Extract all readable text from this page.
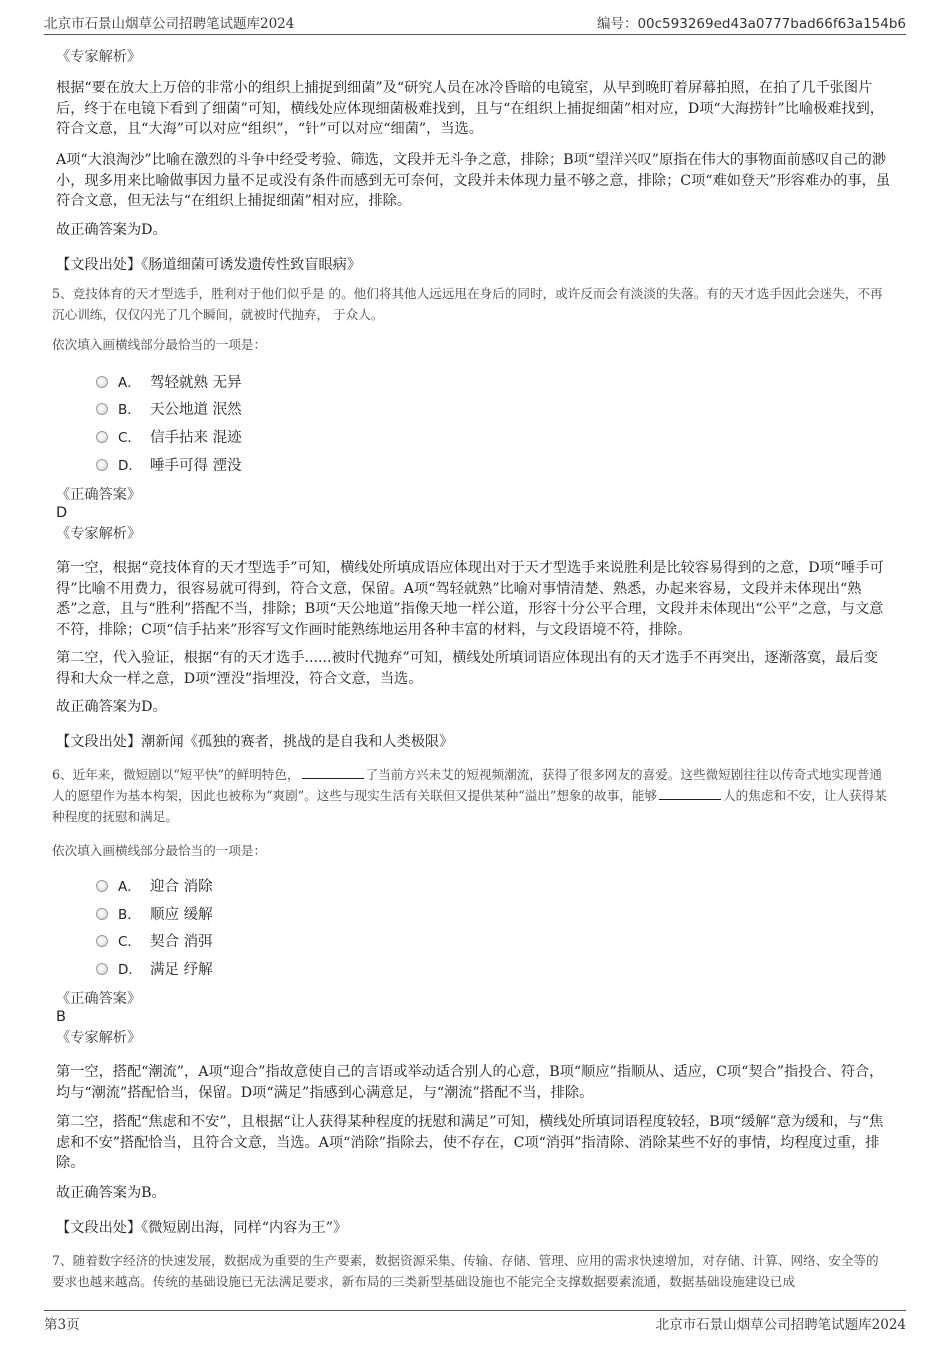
北京市石景山烟草公司招聘笔试题库2024	编号：00c593269ed43a0777bad66f63a154b6
《专家解析》

根据“要在放大上万倍的非常小的组织上捕捉到细菌”及“研究人员在冰冷昏暗的电镜室，从早到晚盯着屏幕拍照，在拍了几千张图片后，终于在电镜下看到了细菌”可知，横线处应体现细菌极难找到，且与“在组织上捕捉细菌”相对应，D项“大海捞针”比喻极难找到，符合文意，且“大海”可以对应“组织”，“针”可以对应“细菌”，当选。

A项“大浪淘沙”比喻在激烈的斗争中经受考验、筛选，文段并无斗争之意，排除；B项“望洋兴叹”原指在伟大的事物面前感叹自己的渺小，现多用来比喻做事因力量不足或没有条件而感到无可奈何，文段并未体现力量不够之意，排除；C项“难如登天”形容难办的事，虽符合文意，但无法与“在组织上捕捉细菌”相对应，排除。

故正确答案为D。

【文段出处】《肠道细菌可诱发遗传性致盲眼病》

5、竞技体育的天才型选手，胜利对于他们似乎是 的。他们将其他人远远甩在身后的同时，或许反而会有淡淡的失落。有的天才选手因此会迷失，不再沉心训练，仅仅闪光了几个瞬间，就被时代抛弃， 于众人。

依次填入画横线部分最恰当的一项是：

A． 驾轻就熟 无异
B． 天公地道 泯然
C． 信手拈来 混迹
D． 唾手可得 湮没
《正确答案》
D
《专家解析》

第一空，根据“竞技体育的天才型选手”可知，横线处所填成语应体现出对于天才型选手来说胜利是比较容易得到的之意，D项“唾手可得”比喻不用费力，很容易就可得到，符合文意，保留。A项“驾轻就熟”比喻对事情清楚、熟悉，办起来容易，文段并未体现出“熟悉”之意，且与“胜利”搭配不当，排除；B项“天公地道”指像天地一样公道，形容十分公平合理，文段并未体现出“公平”之意，与文意不符，排除；C项“信手拈来”形容写文作画时能熟练地运用各种丰富的材料，与文段语境不符，排除。

第二空，代入验证，根据“有的天才选手......被时代抛弃”可知，横线处所填词语应体现出有的天才选手不再突出，逐渐落寞，最后变得和大众一样之意，D项“湮没”指埋没，符合文意，当选。

故正确答案为D。

【文段出处】潮新闻《孤独的赛者，挑战的是自我和人类极限》

6、近年来，微短剧以“短平快”的鲜明特色，	了当前方兴未艾的短视频潮流，获得了很多网友的喜爱。这些微短剧往往以传奇式地实现普通人的愿望作为基本构架，因此也被称为“爽剧”。这些与现实生活有关联但又提供某种“溢出”想象的故事，能够	人的焦虑和不安，让人获得某种程度的抚慰和满足。

依次填入画横线部分最恰当的一项是：

A． 迎合 消除
B． 顺应 缓解
C． 契合 消弭
D． 满足 纾解
《正确答案》
B
《专家解析》

第一空，搭配“潮流”，A项“迎合”指故意使自己的言语或举动适合别人的心意，B项“顺应”指顺从、适应，C项“契合”指投合、符合，均与“潮流”搭配恰当，保留。D项“满足”指感到心满意足，与“潮流”搭配不当，排除。

第二空，搭配“焦虑和不安”，且根据“让人获得某种程度的抚慰和满足”可知，横线处所填词语程度较轻，B项“缓解”意为缓和，与“焦虑和不安”搭配恰当，且符合文意，当选。A项“消除”指除去，使不存在，C项“消弭”指清除、消除某些不好的事情，均程度过重，排除。

故正确答案为B。

【文段出处】《微短剧出海，同样“内容为王”》

7、随着数字经济的快速发展，数据成为重要的生产要素，数据资源采集、传输、存储、管理、应用的需求快速增加，对存储、计算、网络、安全等的要求也越来越高。传统的基础设施已无法满足要求，新布局的三类新型基础设施也不能完全支撑数据要素流通，数据基础设施建设已成

第3页	北京市石景山烟草公司招聘笔试题库2024
